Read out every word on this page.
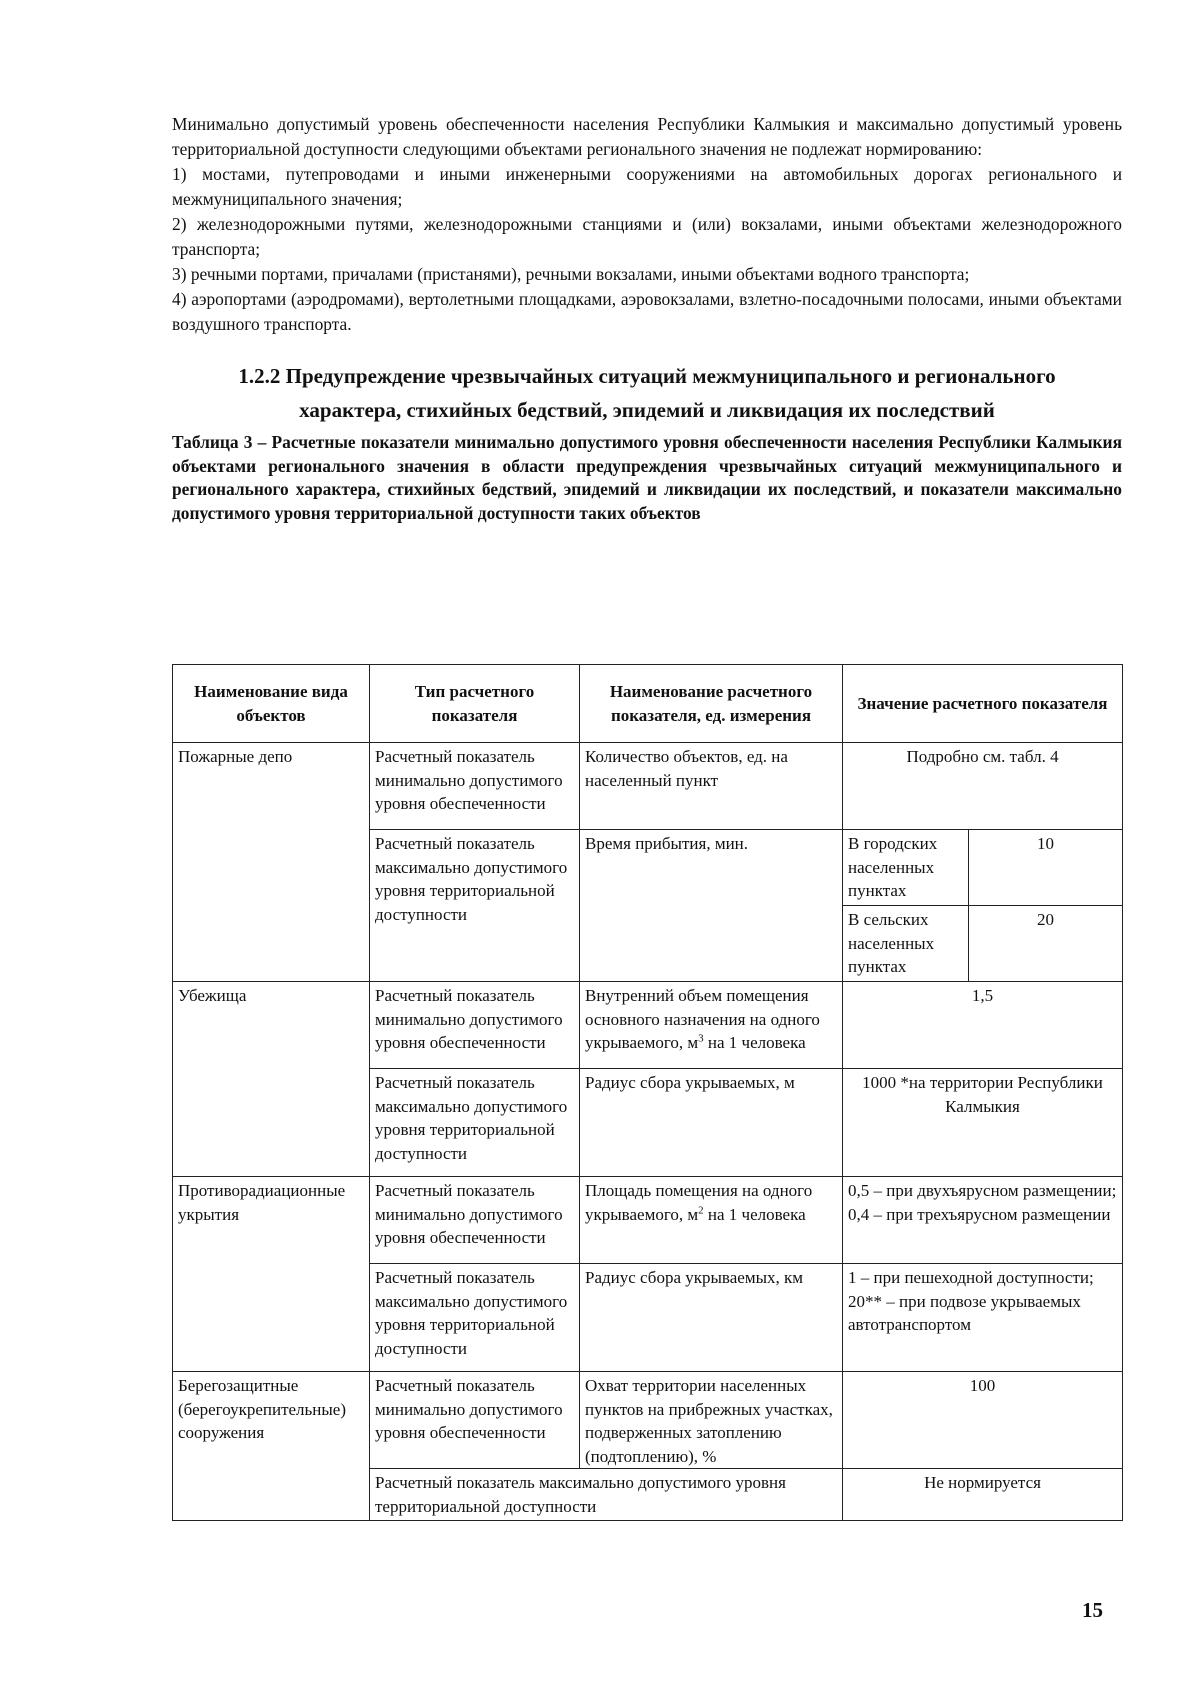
Минимально допустимый уровень обеспеченности населения Республики Калмыкия и максимально допустимый уровень территориальной доступности следующими объектами регионального значения не подлежат нормированию:

1) мостами, путепроводами и иными инженерными сооружениями на автомобильных дорогах регионального и межмуниципального значения;

2) железнодорожными путями, железнодорожными станциями и (или) вокзалами, иными объектами железнодорожного транспорта;

3) речными портами, причалами (пристанями), речными вокзалами, иными объектами водного транспорта;

4) аэропортами (аэродромами), вертолетными площадками, аэровокзалами, взлетно-посадочными полосами, иными объектами воздушного транспорта.

1.2.2 Предупреждение чрезвычайных ситуаций межмуниципального и регионального характера, стихийных бедствий, эпидемий и ликвидация их последствий
Таблица 3 – Расчетные показатели минимально допустимого уровня обеспеченности населения Республики Калмыкия объектами регионального значения в области предупреждения чрезвычайных ситуаций межмуниципального и регионального характера, стихийных бедствий, эпидемий и ликвидации их последствий, и показатели максимально допустимого уровня территориальной доступности таких объектов
Наименование вида объектов	Тип расчетного показателя	Наименование расчетного показателя, ед. измерения	Значение расчетного показателя	
Пожарные депо	Расчетный показатель минимально допустимого уровня обеспеченности	Количество объектов, ед. на населенный пункт	Подробно см. табл. 4	
	Расчетный показатель максимально допустимого уровня территориальной доступности	Время прибытия, мин.	В городских населенных пунктах	10
			В сельских населенных пунктах	20
Убежища	Расчетный показатель минимально допустимого уровня обеспеченности	Внутренний объем помещения основного назначения на одного укрываемого, $м^3$ на 1 человека	1,5	
	Расчетный показатель максимально допустимого уровня территориальной доступности	Радиус сбора укрываемых, м	1000 *на территории Республики Калмыкия	
Противорадиационные укрытия	Расчетный показатель минимально допустимого уровня обеспеченности	Площадь помещения на одного укрываемого, $м^2$ на 1 человека	0,5 – при двухъярусном размещении;
0,4 – при трехъярусном размещении	

	Расчетный показатель максимально допустимого уровня территориальной доступности	Радиус сбора укрываемых, км	1 – при пешеходной доступности;
20** – при подвозе укрываемых автотранспортом	

Берегозащитные (берегоукрепительные) сооружения	Расчетный показатель минимально допустимого уровня обеспеченности	Охват территории населенных пунктов на прибрежных участках, подверженных затоплению (подтоплению), %	100	
	Расчетный показатель максимально допустимого уровня территориальной доступности		Не нормируется	
15
